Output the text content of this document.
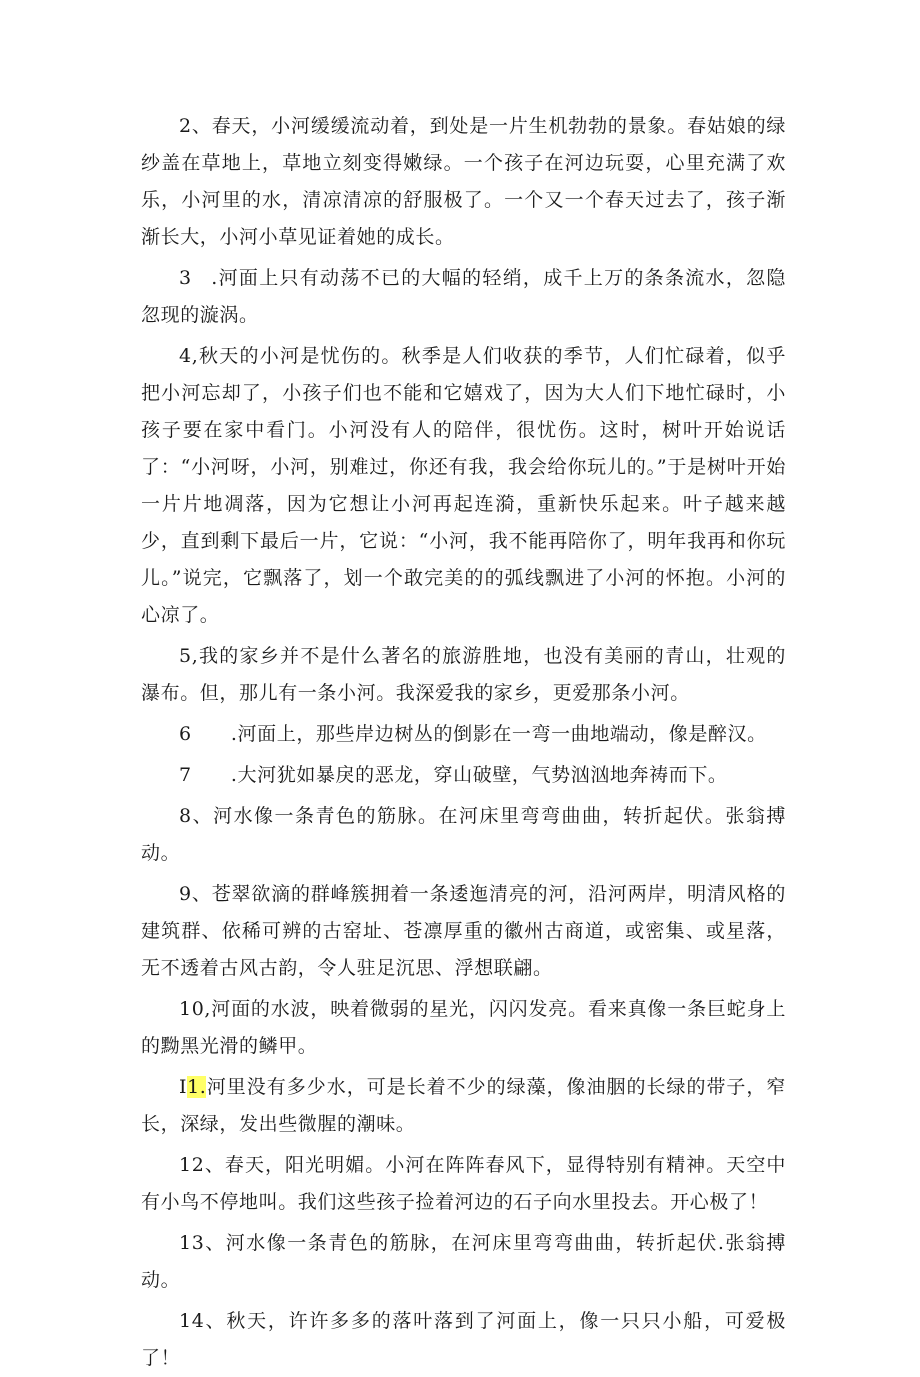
2、春天，小河缓缓流动着，到处是一片生机勃勃的景象。春姑娘的绿纱盖在草地上，草地立刻变得嫩绿。一个孩子在河边玩耍，心里充满了欢乐，小河里的水，清凉清凉的舒服极了。一个又一个春天过去了，孩子渐渐长大，小河小草见证着她的成长。

3 .河面上只有动荡不已的大幅的轻绡，成千上万的条条流水，忽隐忽现的漩涡。

4,秋天的小河是忧伤的。秋季是人们收获的季节，人们忙碌着，似乎把小河忘却了，小孩子们也不能和它嬉戏了，因为大人们下地忙碌时，小孩子要在家中看门。小河没有人的陪伴，很忧伤。这时，树叶开始说话了：“小河呀，小河，别难过，你还有我，我会给你玩儿的。”于是树叶开始一片片地凋落，因为它想让小河再起连漪，重新快乐起来。叶子越来越少，直到剩下最后一片，它说：“小河，我不能再陪你了，明年我再和你玩儿。”说完，它飘落了，划一个敢完美的的弧线飘进了小河的怀抱。小河的心凉了。

5,我的家乡并不是什么著名的旅游胜地，也没有美丽的青山，壮观的瀑布。但，那儿有一条小河。我深爱我的家乡，更爱那条小河。

6  .河面上，那些岸边树丛的倒影在一弯一曲地端动，像是醉汉。

7  .大河犹如暴戾的恶龙，穿山破壁，气势汹汹地奔祷而下。

8、河水像一条青色的筋脉。在河床里弯弯曲曲，转折起伏。张翁搏动。

9、苍翠欲滴的群峰簇拥着一条逶迤清亮的河，沿河两岸，明清风格的建筑群、依稀可辨的古窑址、苍凛厚重的徽州古商道，或密集、或星落，无不透着古风古韵，令人驻足沉思、浮想联翩。

10,河面的水波，映着微弱的星光，闪闪发亮。看来真像一条巨蛇身上的黝黑光滑的鳞甲。

I1.河里没有多少水，可是长着不少的绿藻，像油胭的长绿的带子，窄长，深绿，发出些微腥的潮味。

12、春天，阳光明媚。小河在阵阵春风下，显得特别有精神。天空中有小鸟不停地叫。我们这些孩子捡着河边的石子向水里投去。开心极了！

13、河水像一条青色的筋脉，在河床里弯弯曲曲，转折起伏.张翁搏动。

14、秋天，许许多多的落叶落到了河面上，像一只只小船，可爱极了！
